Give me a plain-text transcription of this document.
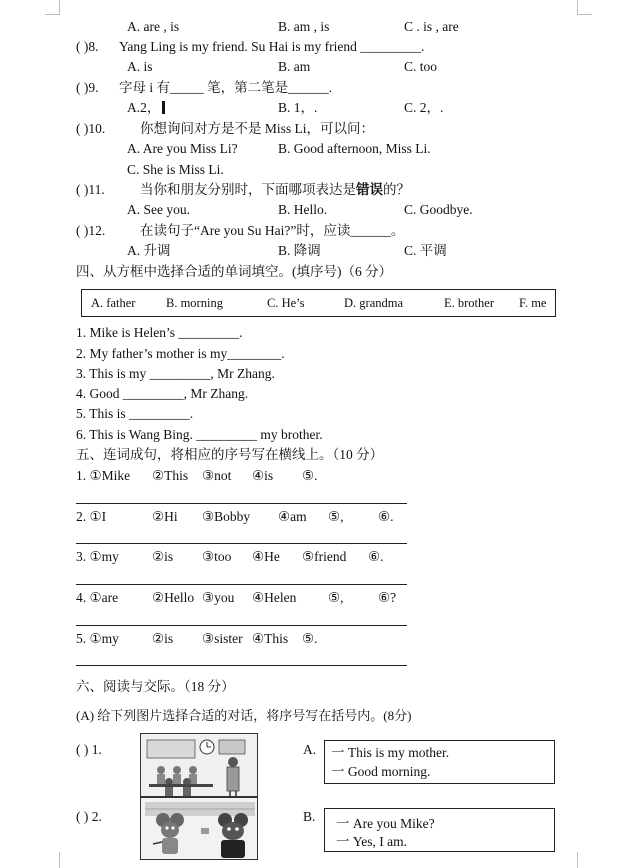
A. are , is	B. am , is	C . is , are
( )8. Yang Ling is my friend. Su Hai is my friend _________.
A. is	B. am	C. too
( )9. 字母 i 有_____ 笔，第二笔是______.
A.2，	B. 1，.	C. 2，.
( )10.	你想询问对方是不是 Miss Li，可以问：
A. Are you Miss Li?	B. Good afternoon, Miss Li.
C. She is Miss Li.
( )11.	当你和朋友分别时，下面哪项表达是错误的？
A. See you.	B. Hello.	C. Goodbye.
( )12.	在读句子“Are you Su Hai?”时，应读______。
A. 升调	B. 降调	C. 平调
四、从方框中选择合适的单词填空。(填序号)（6 分）
A. father B. morning	C. He’s	D. grandma	E. brother F. me
1. Mike is Helen’s _________.
2. My father’s mother is my________.
3. This is my _________, Mr Zhang.
4. Good _________, Mr Zhang.
5. This is _________.
6. This is Wang Bing. _________ my brother.
五、连词成句，将相应的序号写在横线上。（10 分）
1. ①Mike ②This ③not ④is ⑤.
2. ①I	②Hi ③Bobby ④am ⑤,	⑥.
3. ①my ②is ③too ④He ⑤friend ⑥.
4. ①are	②Hello ③you ④Helen ⑤,	⑥?
5. ①my ②is ③sister ④This ⑤.
六、阅读与交际。（18 分）
(A) 给下列图片选择合适的对话，将序号写在括号内。(8分)
( ) 1.	A. 一 This is my mother.
一 Good morning.
( ) 2.	B. 一 Are you Mike?
一 Yes, I am.
